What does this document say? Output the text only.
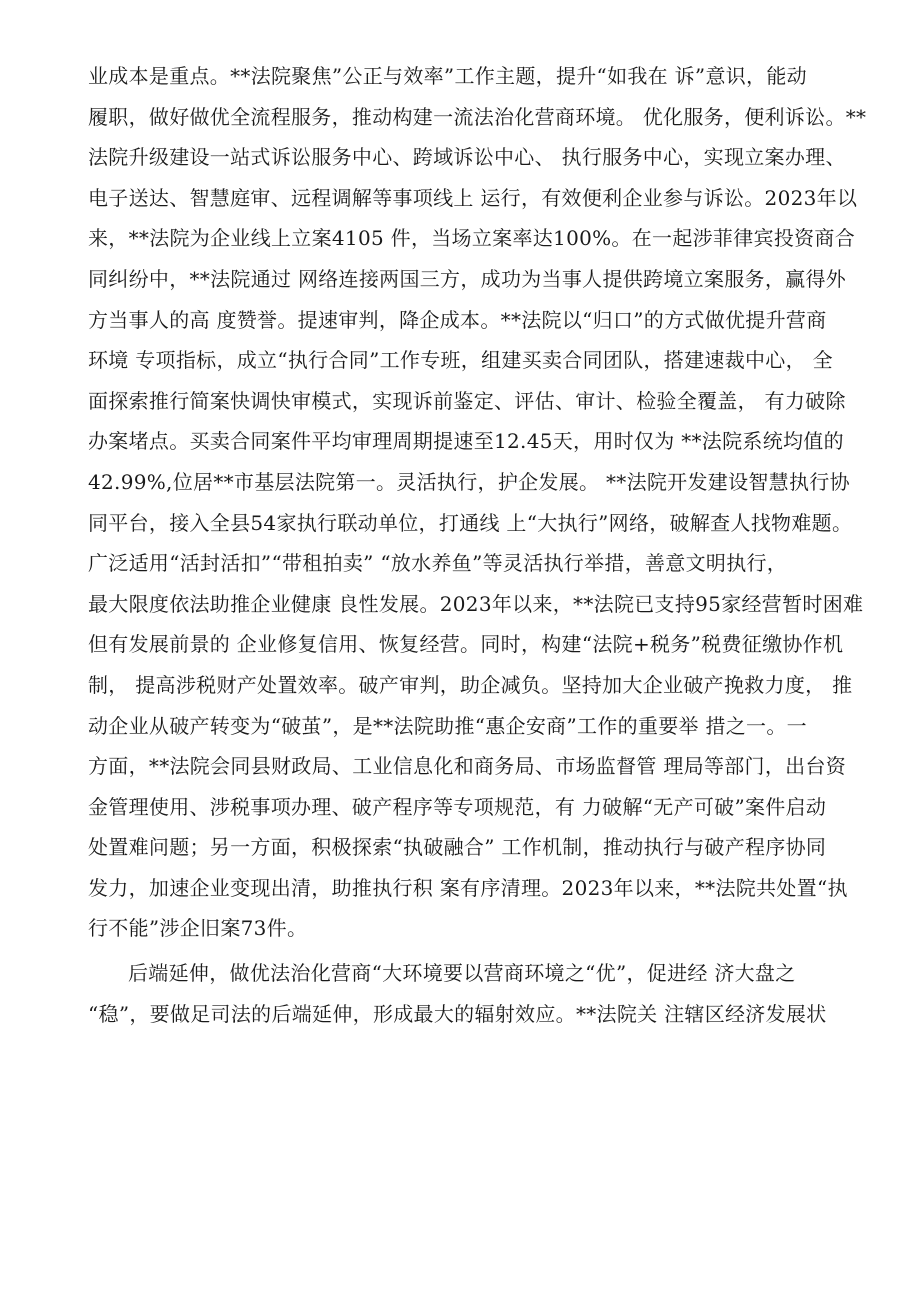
业成本是重点。**法院聚焦”公正与效率”工作主题，提升“如我在 诉”意识，能动
履职，做好做优全流程服务，推动构建一流法治化营商环境。 优化服务，便利诉讼。**
法院升级建设一站式诉讼服务中心、跨域诉讼中心、 执行服务中心，实现立案办理、
电子送达、智慧庭审、远程调解等事项线上 运行，有效便利企业参与诉讼。2023年以
来，**法院为企业线上立案4105 件，当场立案率达100%。在一起涉菲律宾投资商合
同纠纷中，**法院通过 网络连接两国三方，成功为当事人提供跨境立案服务，赢得外
方当事人的高 度赞誉。提速审判，降企成本。**法院以“归口”的方式做优提升营商
环境 专项指标，成立“执行合同”工作专班，组建买卖合同团队，搭建速裁中心， 全
面探索推行简案快调快审模式，实现诉前鉴定、评估、审计、检验全覆盖， 有力破除
办案堵点。买卖合同案件平均审理周期提速至12.45天，用时仅为 **法院系统均值的
42.99%,位居**市基层法院第一。灵活执行，护企发展。 **法院开发建设智慧执行协
同平台，接入全县54家执行联动单位，打通线 上“大执行”网络，破解查人找物难题。
广泛适用“活封活扣”“带租拍卖” “放水养鱼”等灵活执行举措，善意文明执行，
最大限度依法助推企业健康 良性发展。2023年以来，**法院已支持95家经营暂时困难
但有发展前景的 企业修复信用、恢复经营。同时，构建“法院+税务”税费征缴协作机
制， 提高涉税财产处置效率。破产审判，助企减负。坚持加大企业破产挽救力度， 推
动企业从破产转变为“破茧”，是**法院助推“惠企安商”工作的重要举 措之一。一
方面，**法院会同县财政局、工业信息化和商务局、市场监督管 理局等部门，出台资
金管理使用、涉税事项办理、破产程序等专项规范，有 力破解“无产可破”案件启动
处置难问题；另一方面，积极探索“执破融合” 工作机制，推动执行与破产程序协同
发力，加速企业变现出清，助推执行积 案有序清理。2023年以来，**法院共处置“执
行不能”涉企旧案73件。

后端延伸，做优法治化营商“大环境要以营商环境之“优”，促进经 济大盘之
“稳”，要做足司法的后端延伸，形成最大的辐射效应。**法院关 注辖区经济发展状
